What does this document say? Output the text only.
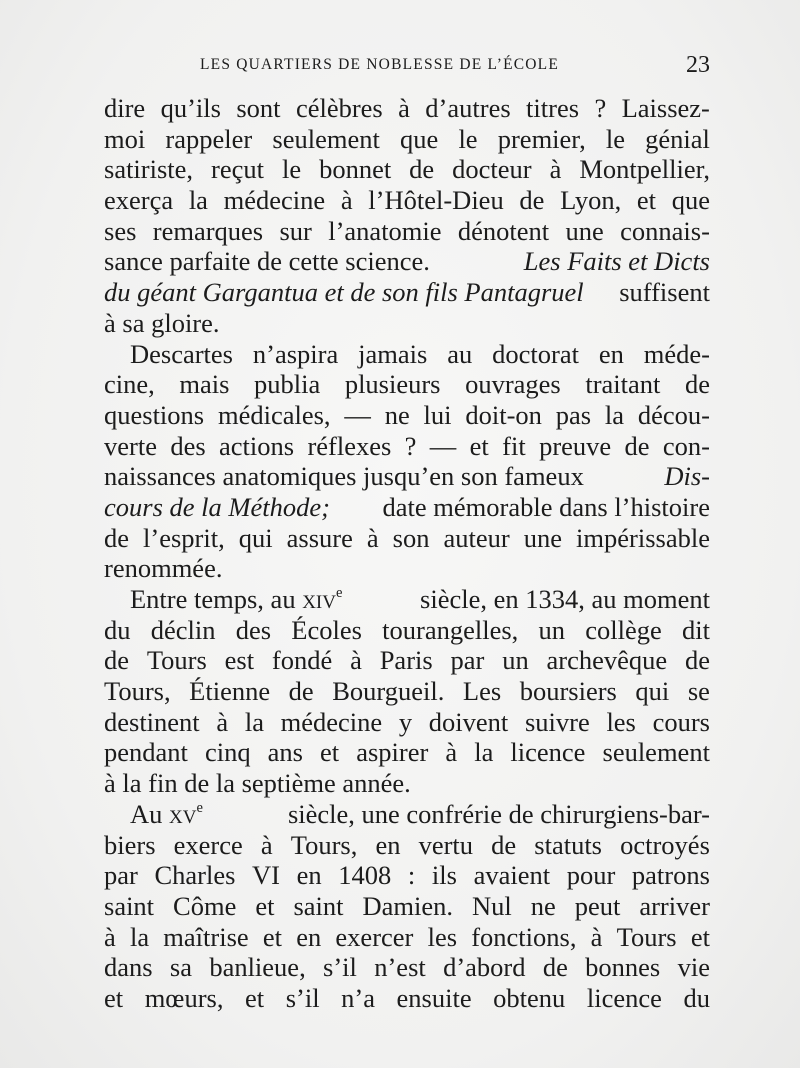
LES QUARTIERS DE NOBLESSE DE L’ÉCOLE	23
dire qu’ils sont célèbres à d’autres titres ? Laissez-
moi rappeler seulement que le premier, le génial
satiriste, reçut le bonnet de docteur à Montpellier,
exerça la médecine à l’Hôtel-Dieu de Lyon, et que
ses remarques sur l’anatomie dénotent une connais-
sance parfaite de cette science.	Les Faits et Dicts
du géant Gargantua et de son fils Pantagruel suffisent
à sa gloire.
Descartes n’aspira jamais au doctorat en méde-
cine, mais publia plusieurs ouvrages traitant de
questions médicales, — ne lui doit-on pas la décou-
verte des actions réflexes ? — et fit preuve de con-
naissances anatomiques jusqu’en son fameux	Dis-
cours de la Méthode; date mémorable dans l’histoire
de l’esprit, qui assure à son auteur une impérissable
renommée.
Entre temps, au xiv$^e$	siècle, en 1334, au moment
du déclin des Écoles tourangelles, un collège dit
de Tours est fondé à Paris par un archevêque de
Tours, Étienne de Bourgueil. Les boursiers qui se
destinent à la médecine y doivent suivre les cours
pendant cinq ans et aspirer à la licence seulement
à la fin de la septième année.
Au $xv^e$	siècle, une confrérie de chirurgiens-bar-
biers exerce à Tours, en vertu de statuts octroyés
par Charles VI en 1408 : ils avaient pour patrons
saint Côme et saint Damien. Nul ne peut arriver
à la maîtrise et en exercer les fonctions, à Tours et
dans sa banlieue, s’il n’est d’abord de bonnes vie
et mœurs, et s’il n’a ensuite obtenu licence du
